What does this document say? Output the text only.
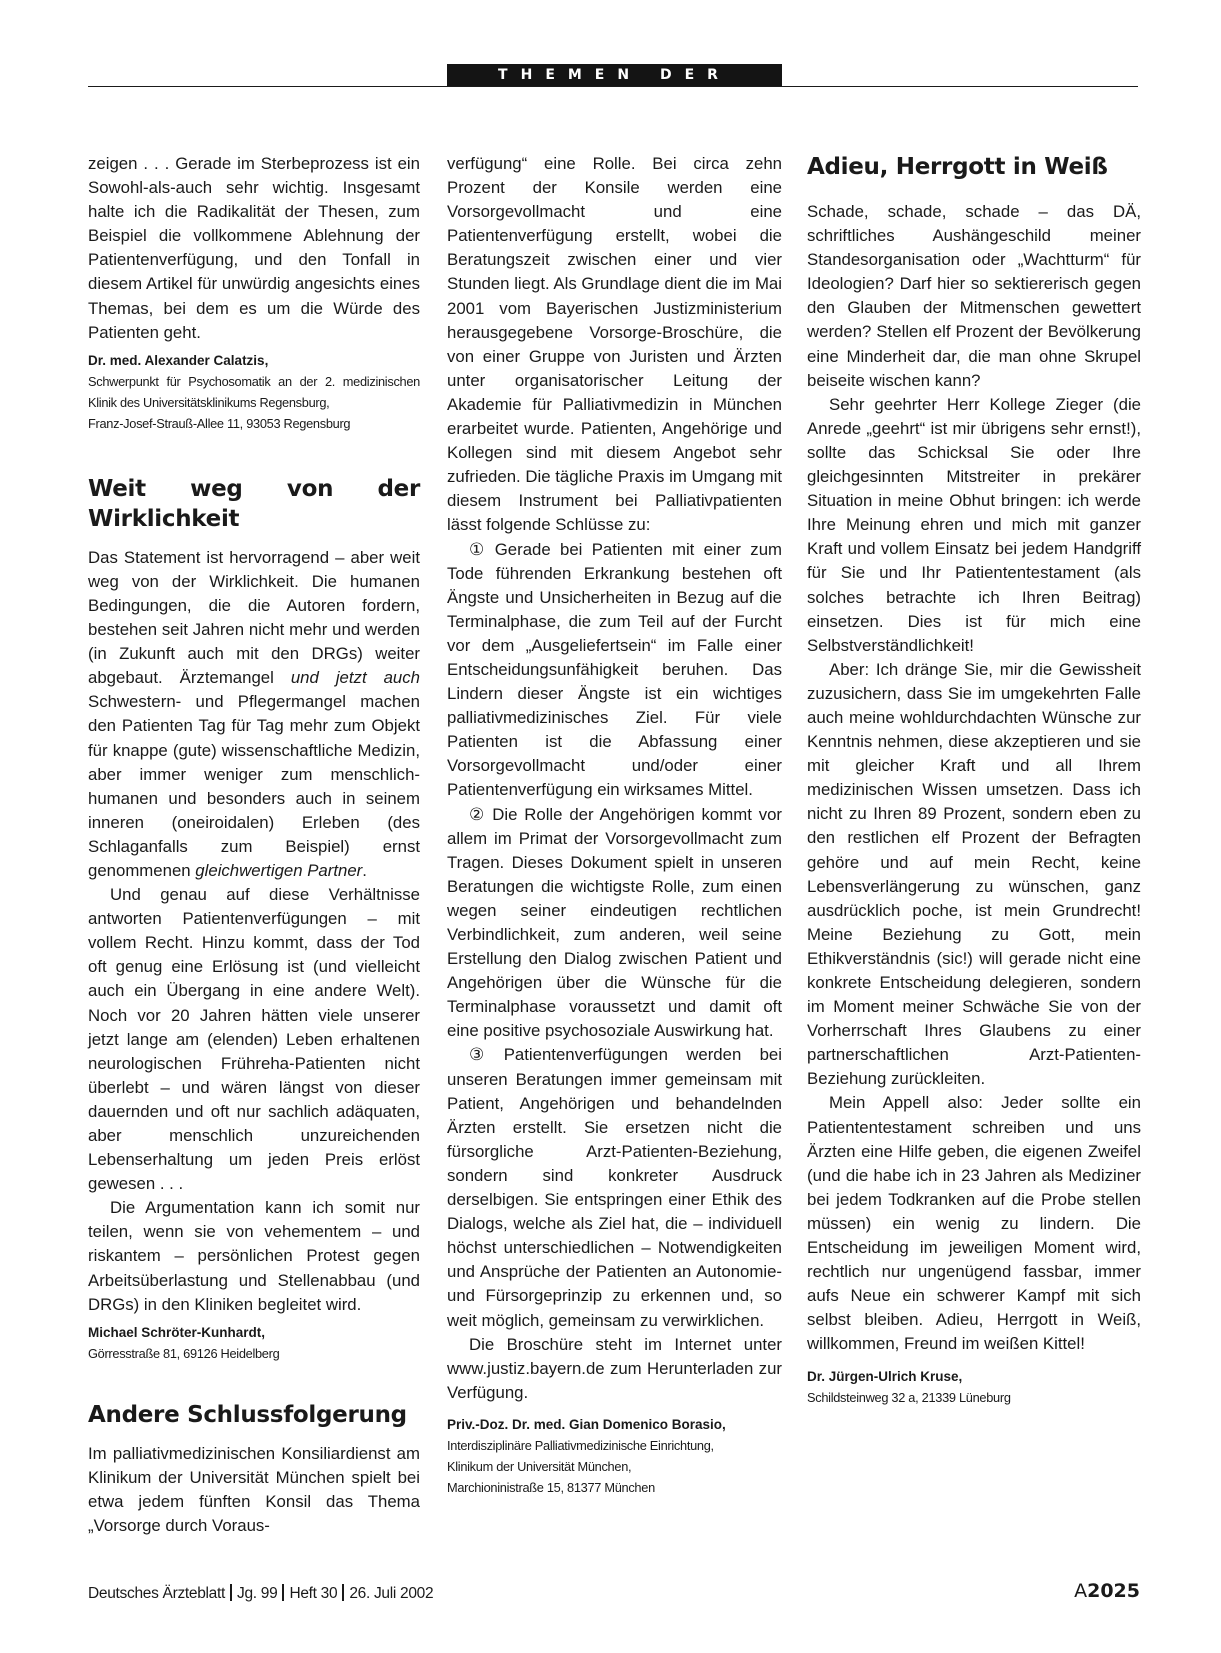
THEMEN DER ZEIT

zeigen . . . Gerade im Sterbeprozess ist ein Sowohl-als-auch sehr wichtig. Insgesamt halte ich die Radikalität der Thesen, zum Beispiel die vollkommene Ablehnung der Patientenverfügung, und den Tonfall in diesem Artikel für unwürdig angesichts eines Themas, bei dem es um die Würde des Patienten geht.

Dr. med. Alexander Calatzis,
Schwerpunkt für Psychosomatik an der 2. medizinischen Klinik des Universitätsklinikums Regensburg,
Franz-Josef-Strauß-Allee 11, 93053 Regensburg
Weit weg von der Wirklichkeit

Das Statement ist hervorragend – aber weit weg von der Wirklichkeit. Die humanen Bedingungen, die die Autoren fordern, bestehen seit Jahren nicht mehr und werden (in Zukunft auch mit den DRGs) weiter abgebaut. Ärztemangel und jetzt auch Schwestern- und Pflegermangel machen den Patienten Tag für Tag mehr zum Objekt für knappe (gute) wissenschaftliche Medizin, aber immer weniger zum menschlich-humanen und besonders auch in seinem inneren (oneiroidalen) Erleben (des Schlaganfalls zum Beispiel) ernst genommenen gleichwertigen Partner.

Und genau auf diese Verhältnisse antworten Patientenverfügungen – mit vollem Recht. Hinzu kommt, dass der Tod oft genug eine Erlösung ist (und vielleicht auch ein Übergang in eine andere Welt). Noch vor 20 Jahren hätten viele unserer jetzt lange am (elenden) Leben erhaltenen neurologischen Frühreha-Patienten nicht überlebt – und wären längst von dieser dauernden und oft nur sachlich adäquaten, aber menschlich unzureichenden Lebenserhaltung um jeden Preis erlöst gewesen . . .

Die Argumentation kann ich somit nur teilen, wenn sie von vehementem – und riskantem – persönlichen Protest gegen Arbeitsüberlastung und Stellenabbau (und DRGs) in den Kliniken begleitet wird.

Michael Schröter-Kunhardt,
Görresstraße 81, 69126 Heidelberg
Andere Schlussfolgerung

Im palliativmedizinischen Konsiliardienst am Klinikum der Universität München spielt bei etwa jedem fünften Konsil das Thema „Vorsorge durch Voraus-

verfügung“ eine Rolle. Bei circa zehn Prozent der Konsile werden eine Vorsorgevollmacht und eine Patientenverfügung erstellt, wobei die Beratungszeit zwischen einer und vier Stunden liegt. Als Grundlage dient die im Mai 2001 vom Bayerischen Justizministerium herausgegebene Vorsorge-Broschüre, die von einer Gruppe von Juristen und Ärzten unter organisatorischer Leitung der Akademie für Palliativmedizin in München erarbeitet wurde. Patienten, Angehörige und Kollegen sind mit diesem Angebot sehr zufrieden. Die tägliche Praxis im Umgang mit diesem Instrument bei Palliativpatienten lässt folgende Schlüsse zu:

① Gerade bei Patienten mit einer zum Tode führenden Erkrankung bestehen oft Ängste und Unsicherheiten in Bezug auf die Terminalphase, die zum Teil auf der Furcht vor dem „Ausgeliefertsein“ im Falle einer Entscheidungsunfähigkeit beruhen. Das Lindern dieser Ängste ist ein wichtiges palliativmedizinisches Ziel. Für viele Patienten ist die Abfassung einer Vorsorgevollmacht und/oder einer Patientenverfügung ein wirksames Mittel.

② Die Rolle der Angehörigen kommt vor allem im Primat der Vorsorgevollmacht zum Tragen. Dieses Dokument spielt in unseren Beratungen die wichtigste Rolle, zum einen wegen seiner eindeutigen rechtlichen Verbindlichkeit, zum anderen, weil seine Erstellung den Dialog zwischen Patient und Angehörigen über die Wünsche für die Terminalphase voraussetzt und damit oft eine positive psychosoziale Auswirkung hat.

③ Patientenverfügungen werden bei unseren Beratungen immer gemeinsam mit Patient, Angehörigen und behandelnden Ärzten erstellt. Sie ersetzen nicht die fürsorgliche Arzt-Patienten-Beziehung, sondern sind konkreter Ausdruck derselbigen. Sie entspringen einer Ethik des Dialogs, welche als Ziel hat, die – individuell höchst unterschiedlichen – Notwendigkeiten und Ansprüche der Patienten an Autonomie- und Fürsorgeprinzip zu erkennen und, so weit möglich, gemeinsam zu verwirklichen.

Die Broschüre steht im Internet unter www.justiz.bayern.de zum Herunterladen zur Verfügung.

Priv.-Doz. Dr. med. Gian Domenico Borasio,
Interdisziplinäre Palliativmedizinische Einrichtung,
Klinikum der Universität München,
Marchioninistraße 15, 81377 München
Adieu, Herrgott in Weiß

Schade, schade, schade – das DÄ, schriftliches Aushängeschild meiner Standesorganisation oder „Wachtturm“ für Ideologien? Darf hier so sektiererisch gegen den Glauben der Mitmenschen gewettert werden? Stellen elf Prozent der Bevölkerung eine Minderheit dar, die man ohne Skrupel beiseite wischen kann?

Sehr geehrter Herr Kollege Zieger (die Anrede „geehrt“ ist mir übrigens sehr ernst!), sollte das Schicksal Sie oder Ihre gleichgesinnten Mitstreiter in prekärer Situation in meine Obhut bringen: ich werde Ihre Meinung ehren und mich mit ganzer Kraft und vollem Einsatz bei jedem Handgriff für Sie und Ihr Patiententestament (als solches betrachte ich Ihren Beitrag) einsetzen. Dies ist für mich eine Selbstverständlichkeit!

Aber: Ich dränge Sie, mir die Gewissheit zuzusichern, dass Sie im umgekehrten Falle auch meine wohldurchdachten Wünsche zur Kenntnis nehmen, diese akzeptieren und sie mit gleicher Kraft und all Ihrem medizinischen Wissen umsetzen. Dass ich nicht zu Ihren 89 Prozent, sondern eben zu den restlichen elf Prozent der Befragten gehöre und auf mein Recht, keine Lebensverlängerung zu wünschen, ganz ausdrücklich poche, ist mein Grundrecht! Meine Beziehung zu Gott, mein Ethikverständnis (sic!) will gerade nicht eine konkrete Entscheidung delegieren, sondern im Moment meiner Schwäche Sie von der Vorherrschaft Ihres Glaubens zu einer partnerschaftlichen Arzt-Patienten-Beziehung zurückleiten.

Mein Appell also: Jeder sollte ein Patiententestament schreiben und uns Ärzten eine Hilfe geben, die eigenen Zweifel (und die habe ich in 23 Jahren als Mediziner bei jedem Todkranken auf die Probe stellen müssen) ein wenig zu lindern. Die Entscheidung im jeweiligen Moment wird, rechtlich nur ungenügend fassbar, immer aufs Neue ein schwerer Kampf mit sich selbst bleiben. Adieu, Herrgott in Weiß, willkommen, Freund im weißen Kittel!

Dr. Jürgen-Ulrich Kruse,
Schildsteinweg 32 a, 21339 Lüneburg
Deutsches Ärzteblatt Jg. 99 Heft 30 26. Juli 2002	A2025
